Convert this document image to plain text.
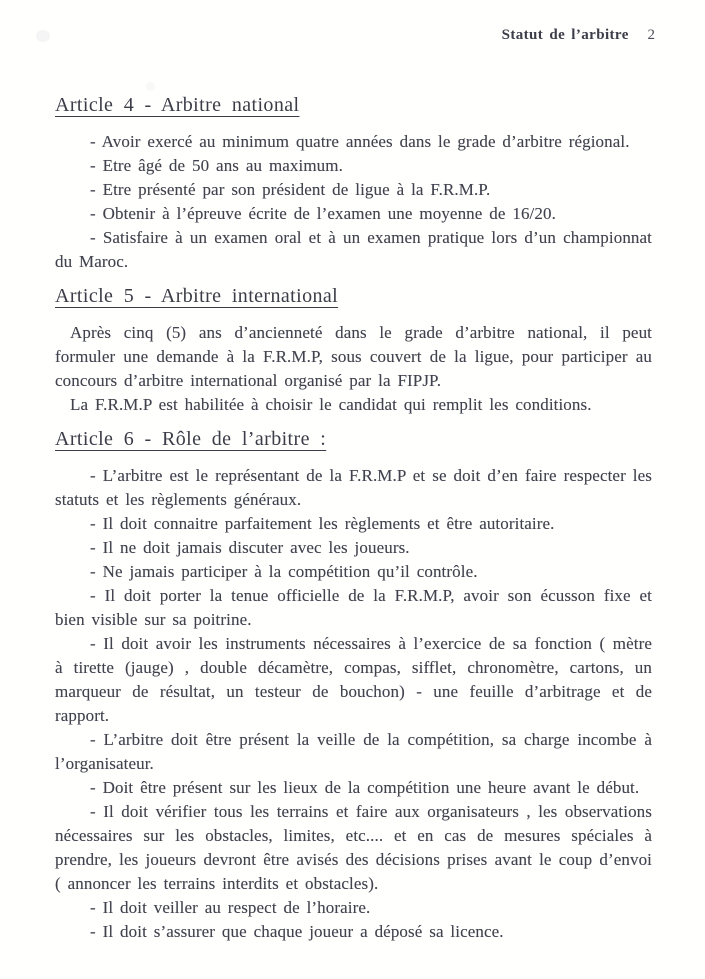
Statut de l’arbitre 2
Article 4 - Arbitre national

- Avoir exercé au minimum quatre années dans le grade d’arbitre régional.

- Etre âgé de 50 ans au maximum.

- Etre présenté par son président de ligue à la F.R.M.P.

- Obtenir à l’épreuve écrite de l’examen une moyenne de 16/20.

- Satisfaire à un examen oral et à un examen pratique lors d’un championnat du Maroc.

Article 5 - Arbitre international

Après cinq (5) ans d’ancienneté dans le grade d’arbitre national, il peut formuler une demande à la F.R.M.P, sous couvert de la ligue, pour participer au concours d’arbitre international organisé par la FIPJP.

La F.R.M.P est habilitée à choisir le candidat qui remplit les conditions.

Article 6 - Rôle de l’arbitre :

- L’arbitre est le représentant de la F.R.M.P et se doit d’en faire respecter les statuts et les règlements généraux.

- Il doit connaitre parfaitement les règlements et être autoritaire.

- Il ne doit jamais discuter avec les joueurs.

- Ne jamais participer à la compétition qu’il contrôle.

- Il doit porter la tenue officielle de la F.R.M.P, avoir son écusson fixe et bien visible sur sa poitrine.

- Il doit avoir les instruments nécessaires à l’exercice de sa fonction ( mètre à tirette (jauge) , double décamètre, compas, sifflet, chronomètre, cartons, un marqueur de résultat, un testeur de bouchon) - une feuille d’arbitrage et de rapport.

- L’arbitre doit être présent la veille de la compétition, sa charge incombe à l’organisateur.

- Doit être présent sur les lieux de la compétition une heure avant le début.

- Il doit vérifier tous les terrains et faire aux organisateurs , les observations nécessaires sur les obstacles, limites, etc.... et en cas de mesures spéciales à prendre, les joueurs devront être avisés des décisions prises avant le coup d’envoi ( annoncer les terrains interdits et obstacles).

- Il doit veiller au respect de l’horaire.

- Il doit s’assurer que chaque joueur a déposé sa licence.
